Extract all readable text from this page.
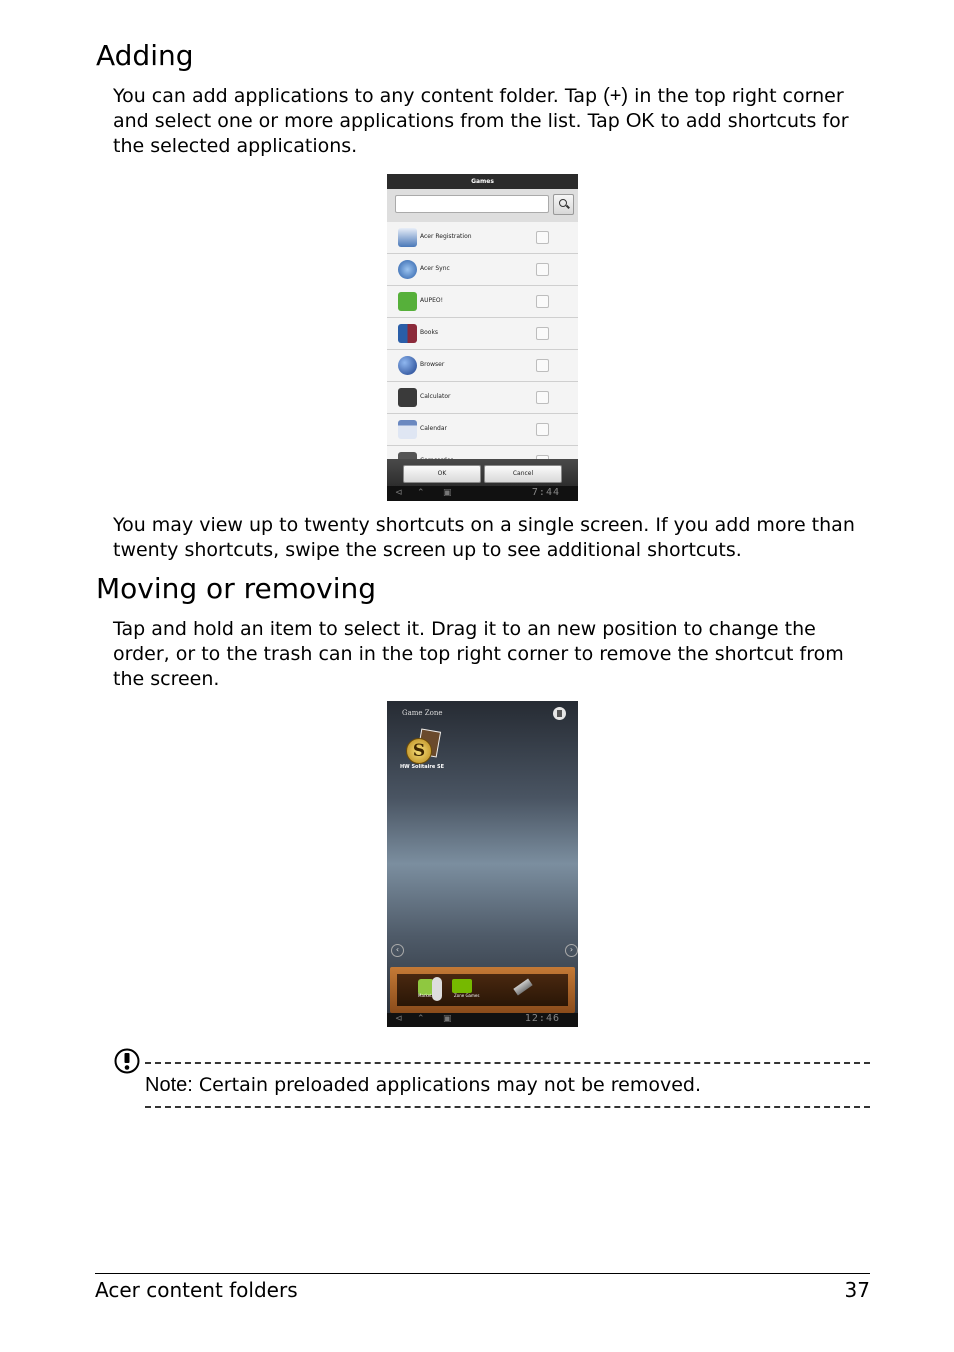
Adding

You can add applications to any content folder. Tap (+) in the top right corner and select one or more applications from the list. Tap OK to add shortcuts for the selected applications.

Games
Acer Registration
Acer Sync
AUPEO!
Books
Browser
Calculator
Calendar
OK	Cancel
⊲ ⌃ ▣	7:44

You may view up to twenty shortcuts on a single screen. If you add more than twenty shortcuts, swipe the screen up to see additional shortcuts.

Moving or removing

Tap and hold an item to select it. Drag it to an new position to change the order, or to the trash can in the top right corner to remove the shortcut from the screen.

Game Zone
S
HW Solitaire SE
‹	›
Market	Zone Games
⊲ ⌃ ▣	12:46
Note: Certain preloaded applications may not be removed.
Acer content folders	37
